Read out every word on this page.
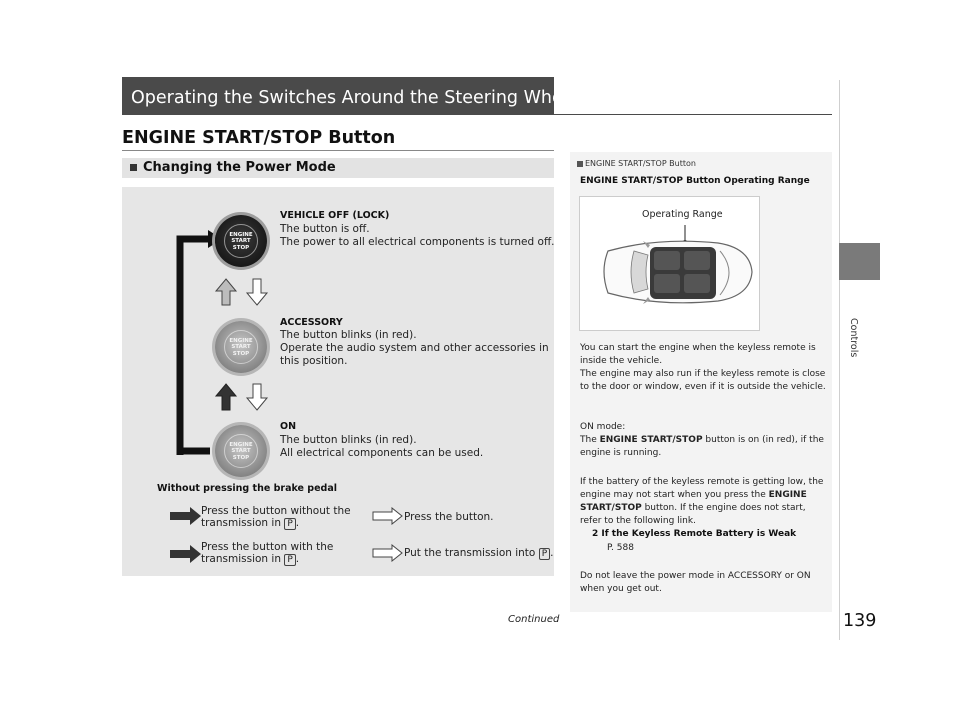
Operating the Switches Around the Steering Wheel
ENGINE START/STOP Button
Controls
Changing the Power Mode
ENGINE
START
STOP
VEHICLE OFF (LOCK)
The button is off.
The power to all electrical components is turned off.
ENGINE
START
STOP
ACCESSORY
The button blinks (in red).
Operate the audio system and other accessories in
this position.
ENGINE
START
STOP
ON
The button blinks (in red).
All electrical components can be used.
Without pressing the brake pedal
Press the button without the
transmission in P .	Press the button.
Press the button with the
transmission in P .	Put the transmission into P .
ENGINE START/STOP Button
ENGINE START/STOP Button Operating Range
Operating Range
You can start the engine when the keyless remote is inside the vehicle.
The engine may also run if the keyless remote is close to the door or window, even if it is outside the vehicle.
ON mode:
The ENGINE START/STOP button is on (in red), if the engine is running.
If the battery of the keyless remote is getting low, the engine may not start when you press the ENGINE START/STOP button. If the engine does not start, refer to the following link.
2 If the Keyless Remote Battery is Weak
P. 588
Do not leave the power mode in ACCESSORY or ON when you get out.
Continued	139
